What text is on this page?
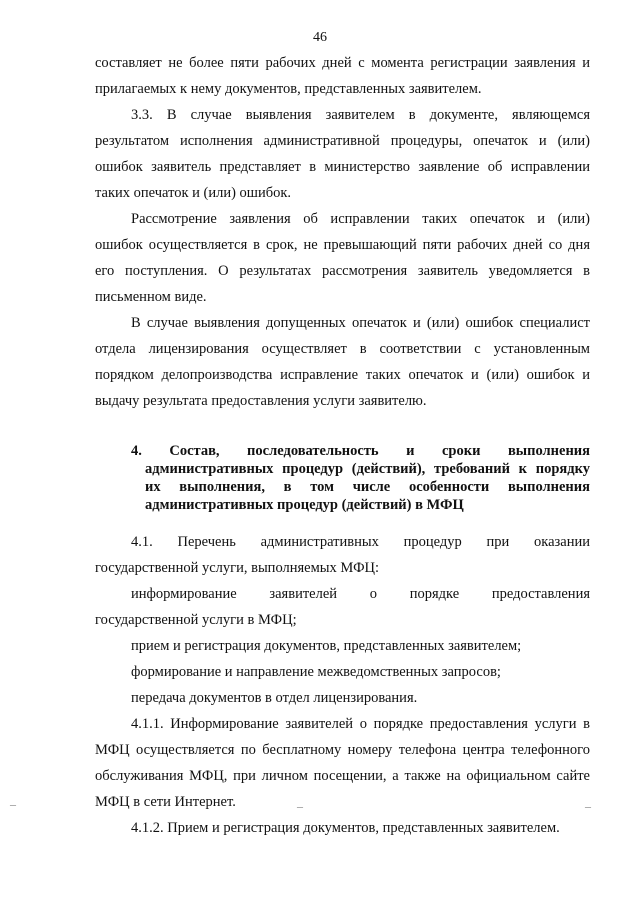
46
составляет не более пяти рабочих дней с момента регистрации заявления и
прилагаемых к нему документов, представленных заявителем.
3.3. В случае выявления заявителем в документе, являющемся
результатом исполнения административной процедуры, опечаток и (или)
ошибок заявитель представляет в министерство заявление об исправлении
таких опечаток и (или) ошибок.
Рассмотрение заявления об исправлении таких опечаток и (или)
ошибок осуществляется в срок, не превышающий пяти рабочих дней со дня
его поступления. О результатах рассмотрения заявитель уведомляется в
письменном виде.
В случае выявления допущенных опечаток и (или) ошибок специалист
отдела лицензирования осуществляет в соответствии с установленным
порядком делопроизводства исправление таких опечаток и (или) ошибок и
выдачу результата предоставления услуги заявителю.
4. Состав, последовательность и сроки выполнения
административных процедур (действий), требований к порядку
их выполнения, в том числе особенности выполнения
административных процедур (действий) в МФЦ
4.1. Перечень административных процедур при оказании
государственной услуги, выполняемых МФЦ:
информирование заявителей о порядке предоставления
государственной услуги в МФЦ;
прием и регистрация документов, представленных заявителем;
формирование и направление межведомственных запросов;
передача документов в отдел лицензирования.
4.1.1. Информирование заявителей о порядке предоставления услуги в
МФЦ осуществляется по бесплатному номеру телефона центра телефонного
обслуживания МФЦ, при личном посещении, а также на официальном сайте
МФЦ в сети Интернет.
4.1.2. Прием и регистрация документов, представленных заявителем.
–	–	–
